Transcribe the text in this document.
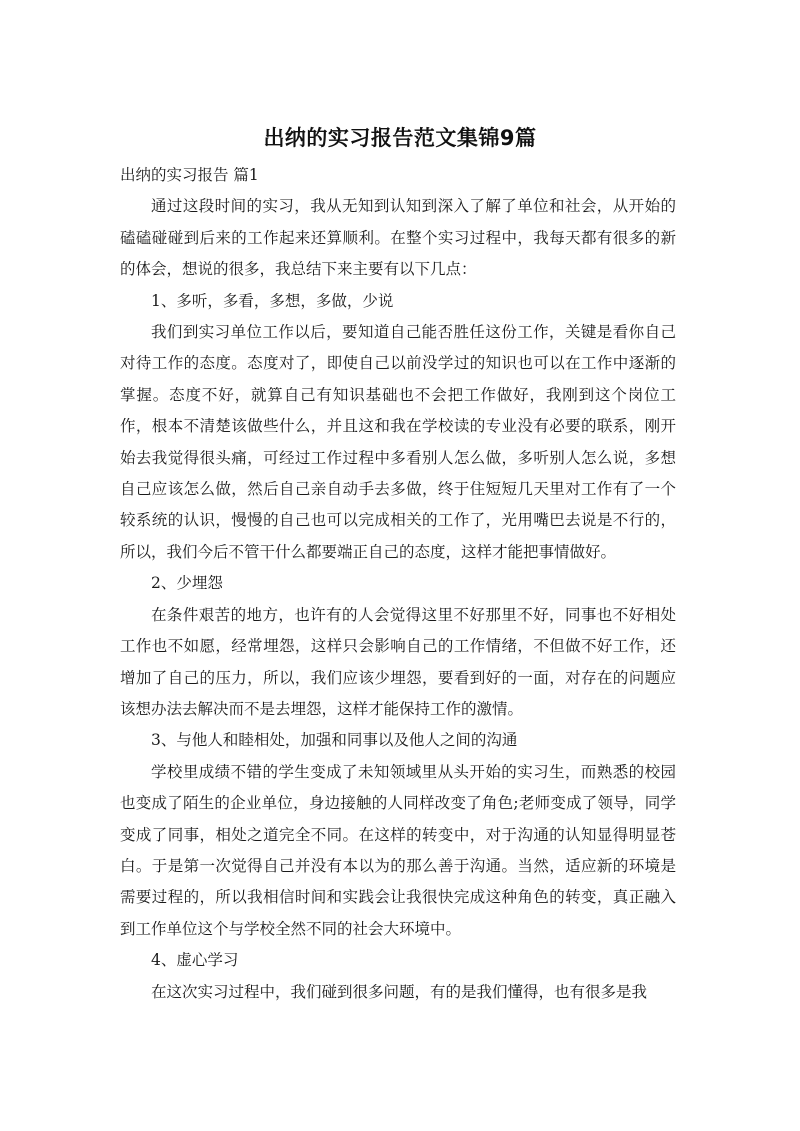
出纳的实习报告范文集锦9篇

出纳的实习报告 篇1

通过这段时间的实习，我从无知到认知到深入了解了单位和社会，从开始的磕磕碰碰到后来的工作起来还算顺利。在整个实习过程中，我每天都有很多的新的体会，想说的很多，我总结下来主要有以下几点：

1、多听，多看，多想，多做，少说

我们到实习单位工作以后，要知道自己能否胜任这份工作，关键是看你自己对待工作的态度。态度对了，即使自己以前没学过的知识也可以在工作中逐渐的掌握。态度不好，就算自己有知识基础也不会把工作做好，我刚到这个岗位工作，根本不清楚该做些什么，并且这和我在学校读的专业没有必要的联系，刚开始去我觉得很头痛，可经过工作过程中多看别人怎么做，多听别人怎么说，多想自己应该怎么做，然后自己亲自动手去多做，终于住短短几天里对工作有了一个较系统的认识，慢慢的自己也可以完成相关的工作了，光用嘴巴去说是不行的，所以，我们今后不管干什么都要端正自己的态度，这样才能把事情做好。

2、少埋怨

在条件艰苦的地方，也许有的人会觉得这里不好那里不好，同事也不好相处工作也不如愿，经常埋怨，这样只会影响自己的工作情绪，不但做不好工作，还增加了自己的压力，所以，我们应该少埋怨，要看到好的一面，对存在的问题应该想办法去解决而不是去埋怨，这样才能保持工作的激情。

3、与他人和睦相处，加强和同事以及他人之间的沟通

学校里成绩不错的学生变成了未知领域里从头开始的实习生，而熟悉的校园也变成了陌生的企业单位，身边接触的人同样改变了角色;老师变成了领导，同学变成了同事，相处之道完全不同。在这样的转变中，对于沟通的认知显得明显苍白。于是第一次觉得自己并没有本以为的那么善于沟通。当然，适应新的环境是需要过程的，所以我相信时间和实践会让我很快完成这种角色的转变，真正融入到工作单位这个与学校全然不同的社会大环境中。

4、虚心学习

在这次实习过程中，我们碰到很多问题，有的是我们懂得，也有很多是我
